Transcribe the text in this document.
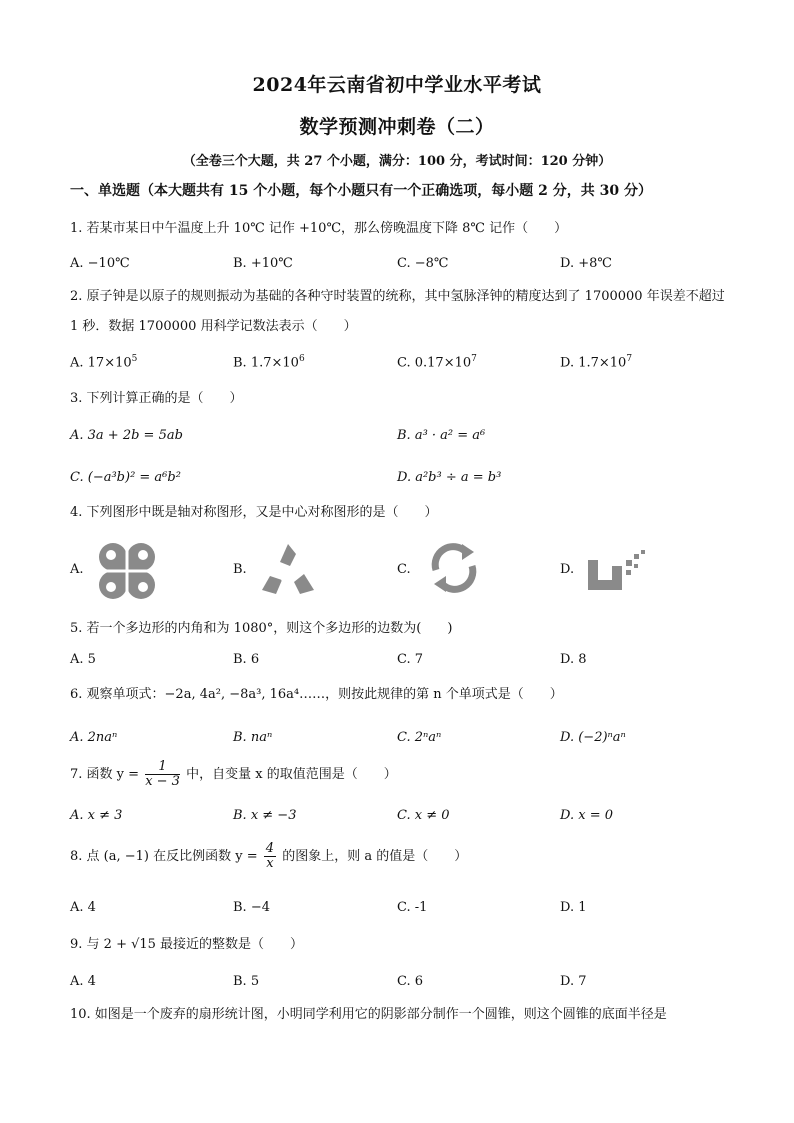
2024年云南省初中学业水平考试
数学预测冲刺卷（二）
（全卷三个大题，共 27 个小题，满分：100 分，考试时间：120 分钟）
一、单选题（本大题共有 15 个小题，每个小题只有一个正确选项，每小题 2 分，共 30 分）
1. 若某市某日中午温度上升 10℃ 记作 +10℃，那么傍晚温度下降 8℃ 记作（　　）
A. −10℃	B. +10℃	C. −8℃	D. +8℃
2. 原子钟是以原子的规则振动为基础的各种守时装置的统称，其中氢脉泽钟的精度达到了 1700000 年误差不超过 1 秒．数据 1700000 用科学记数法表示（　　）
A. $17\times 10^5$	B. $1.7\times 10^6$	C. $0.17\times 10^7$	D. $1.7\times 10^7$
3. 下列计算正确的是（　　）
A. 3a + 2b = 5ab	B. a³ · a² = a⁶
C. (−a³b)² = a⁶b²	D. a²b³ ÷ a = b³
4. 下列图形中既是轴对称图形，又是中心对称图形的是（　　）
A.	B.	C.	D.
5. 若一个多边形的内角和为 1080°，则这个多边形的边数为(　　)
A. 5	B. 6	C. 7	D. 8
6. 观察单项式：−2a, 4a², −8a³, 16a⁴……，则按此规律的第 n 个单项式是（　　）
A. 2naⁿ	B. naⁿ	C. 2ⁿaⁿ	D. (−2)ⁿaⁿ
7. 函数 $y = \frac{1}{x - 3}$ 中，自变量 x 的取值范围是（　　）
A. x ≠ 3	B. x ≠ −3	C. x ≠ 0	D. x = 0
8. 点 (a, −1) 在反比例函数 $y = \frac{4}{x}$ 的图象上，则 a 的值是（　　）
A. 4	B. −4	C. -1	D. 1
9. 与 2 + √15 最接近的整数是（　　）
A. 4	B. 5	C. 6	D. 7
10. 如图是一个废弃的扇形统计图，小明同学利用它的阴影部分制作一个圆锥，则这个圆锥的底面半径是
